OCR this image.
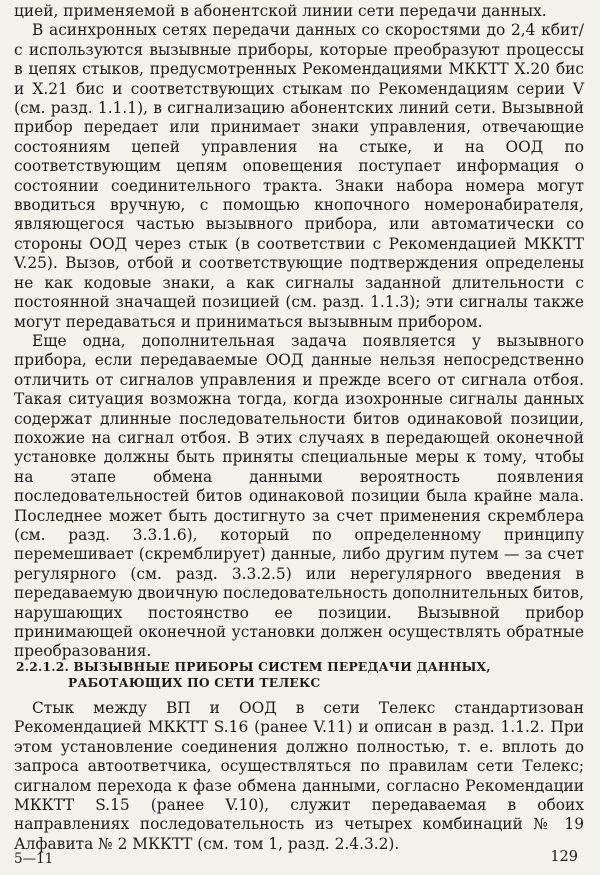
цией, применяемой в абонентской линии сети передачи данных.

В асинхронных сетях передачи данных со скоростями до 2,4 кбит/с используются вызывные приборы, которые преобразуют процессы в цепях стыков, предусмотренных Рекомендациями МККТТ X.20 бис и X.21 бис и соответствующих стыкам по Рекомендациям серии V (см. разд. 1.1.1), в сигнализацию абонентских линий сети. Вызывной прибор передает или принимает знаки управления, отвечающие состояниям цепей управления на стыке, и на ООД по соответствующим цепям оповещения поступает информация о состоянии соединительного тракта. Знаки набора номера могут вводиться вручную, с помощью кнопочного номеронабирателя, являющегося частью вызывного прибора, или автоматически со стороны ООД через стык (в соответствии с Рекомендацией МККТТ V.25). Вызов, отбой и соответствующие подтверждения определены не как кодовые знаки, а как сигналы заданной длительности с постоянной значащей позицией (см. разд. 1.1.3); эти сигналы также могут передаваться и приниматься вызывным прибором.

Еще одна, дополнительная задача появляется у вызывного прибора, если передаваемые ООД данные нельзя непосредственно отличить от сигналов управления и прежде всего от сигнала отбоя. Такая ситуация возможна тогда, когда изохронные сигналы данных содержат длинные последовательности битов одинаковой позиции, похожие на сигнал отбоя. В этих случаях в передающей оконечной установке должны быть приняты специальные меры к тому, чтобы на этапе обмена данными вероятность появления последовательностей битов одинаковой позиции была крайне мала. Последнее может быть достигнуто за счет применения скремблера (см. разд. 3.3.1.6), который по определенному принципу перемешивает (скремблирует) данные, либо другим путем — за счет регулярного (см. разд. 3.3.2.5) или нерегулярного введения в передаваемую двоичную последовательность дополнительных битов, нарушающих постоянство ее позиции. Вызывной прибор принимающей оконечной установки должен осуществлять обратные преобразования.

2.2.1.2. ВЫЗЫВНЫЕ ПРИБОРЫ СИСТЕМ ПЕРЕДАЧИ ДАННЫХ,
РАБОТАЮЩИХ ПО СЕТИ ТЕЛЕКС

Стык между ВП и ООД в сети Телекс стандартизован Рекомендацией МККТТ S.16 (ранее V.11) и описан в разд. 1.1.2. При этом установление соединения должно полностью, т. е. вплоть до запроса автоответчика, осуществляться по правилам сети Телекс; сигналом перехода к фазе обмена данными, согласно Рекомендации МККТТ S.15 (ранее V.10), служит передаваемая в обоих направлениях последовательность из четырех комбинаций № 19 Алфавита № 2 МККТТ (см. том 1, разд. 2.4.3.2).

5—11	129
